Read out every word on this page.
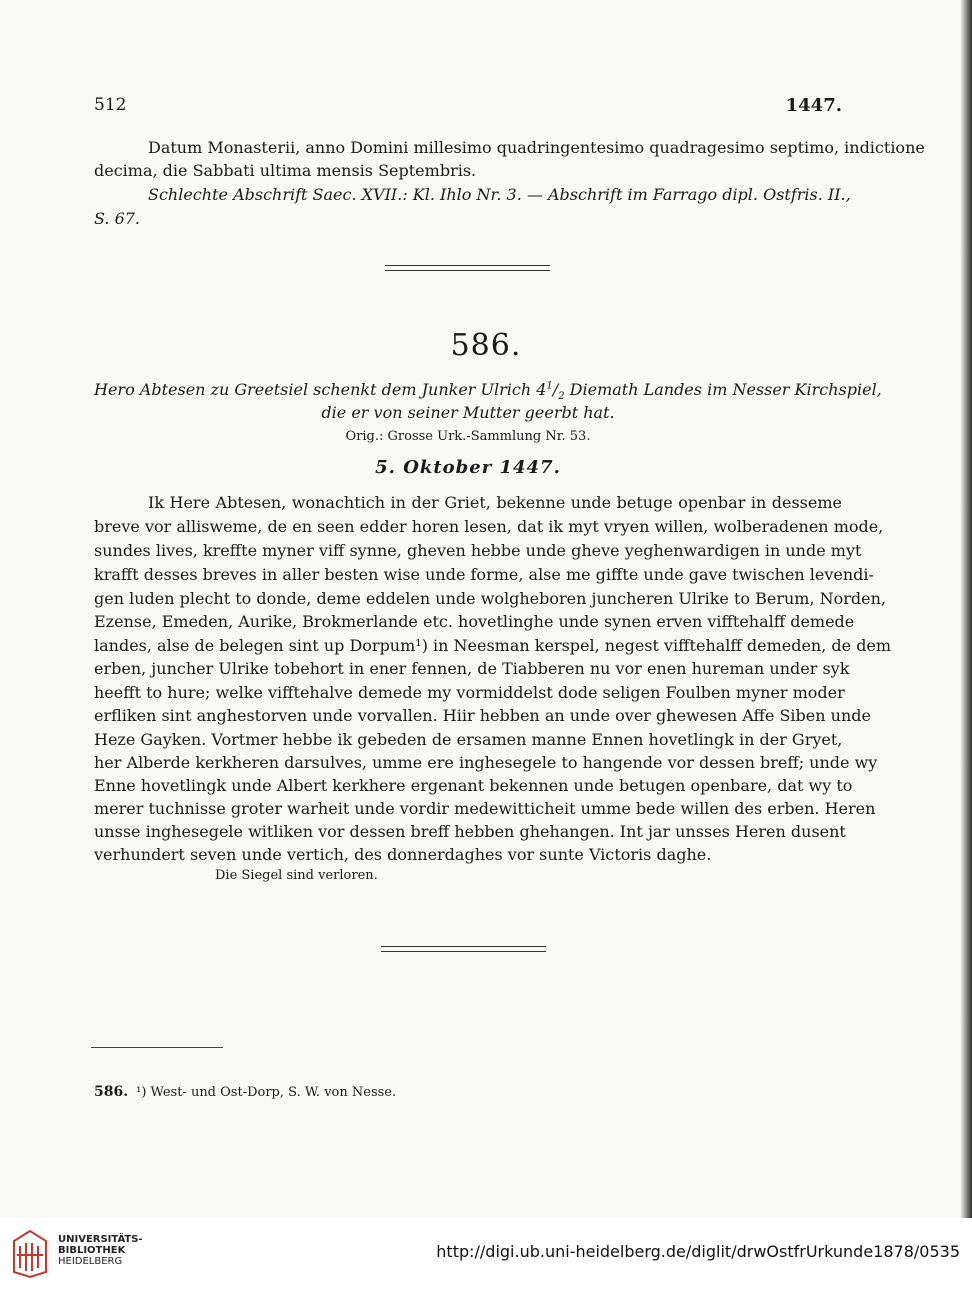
512	1447.
Datum Monasterii, anno Domini millesimo quadringentesimo quadragesimo septimo, indictione
decima, die Sabbati ultima mensis Septembris.
Schlechte Abschrift Saec. XVII.: Kl. Ihlo Nr. 3. — Abschrift im Farrago dipl. Ostfris. II.,
S. 67.
586.
Hero Abtesen zu Greetsiel schenkt dem Junker Ulrich $4^1/_2$ Diemath Landes im Nesser Kirchspiel,
die er von seiner Mutter geerbt hat.
Orig.: Grosse Urk.-Sammlung Nr. 53.
5. Oktober 1447.
Ik Here Abtesen, wonachtich in der Griet, bekenne unde betuge openbar in desseme
breve vor allisweme, de en seen edder horen lesen, dat ik myt vryen willen, wolberadenen mode,
sundes lives, kreffte myner viff synne, gheven hebbe unde gheve yeghenwardigen in unde myt
krafft desses breves in aller besten wise unde forme, alse me giffte unde gave twischen levendi-
gen luden plecht to donde, deme eddelen unde wolgheboren juncheren Ulrike to Berum, Norden,
Ezense, Emeden, Aurike, Brokmerlande etc. hovetlinghe unde synen erven vifftehalff demede
landes, alse de belegen sint up Dorpum¹) in Neesman kerspel, negest vifftehalff demeden, de dem
erben, juncher Ulrike tobehort in ener fennen, de Tiabberen nu vor enen hureman under syk
heefft to hure; welke vifftehalve demede my vormiddelst dode seligen Foulben myner moder
erfliken sint anghestorven unde vorvallen. Hiir hebben an unde over ghewesen Affe Siben unde
Heze Gayken. Vortmer hebbe ik gebeden de ersamen manne Ennen hovetlingk in der Gryet,
her Alberde kerkheren darsulves, umme ere inghesegele to hangende vor dessen breff; unde wy
Enne hovetlingk unde Albert kerkhere ergenant bekennen unde betugen openbare, dat wy to
merer tuchnisse groter warheit unde vordir medewitticheit umme bede willen des erben. Heren
unsse inghesegele witliken vor dessen breff hebben ghehangen. Int jar unsses Heren dusent
verhundert seven unde vertich, des donnerdaghes vor sunte Victoris daghe.
Die Siegel sind verloren.
586. ¹) West- und Ost-Dorp, S. W. von Nesse.
UNIVERSITÄTS-
BIBLIOTHEK
HEIDELBERG
http://digi.ub.uni-heidelberg.de/diglit/drwOstfrUrkunde1878/0535
